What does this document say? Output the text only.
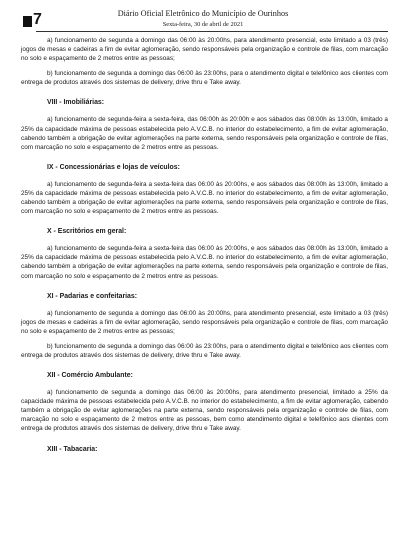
7	Diário Oficial Eletrônico do Município de Ourinhos
Sexta-feira, 30 de abril de 2021

a) funcionamento de segunda a domingo das 06:00 às 20:00hs, para atendimento presencial, este limitado a 03 (três) jogos de mesas e cadeiras a fim de evitar aglomeração, sendo responsáveis pela organização e controle de filas, com marcação no solo e espaçamento de 2 metros entre as pessoas;

b) funcionamento de segunda a domingo das 06:00 às 23:00hs, para o atendimento digital e telefônico aos clientes com entrega de produtos através dos sistemas de delivery, drive thru e Take away.

VIII - Imobiliárias:

a) funcionamento de segunda-feira a sexta-feira, das 06:00h às 20:00h e aos sábados das 08:00h às 13:00h, limitado a 25% da capacidade máxima de pessoas estabelecida pelo A.V.C.B. no interior do estabelecimento, a fim de evitar aglomeração, cabendo também a obrigação de evitar aglomerações na parte externa, sendo responsáveis pela organização e controle de filas, com marcação no solo e espaçamento de 2 metros entre as pessoas.

IX - Concessionárias e lojas de veículos:

a) funcionamento de segunda-feira a sexta-feira das 06:00 às 20:00hs, e aos sábados das 08:00h às 13:00h, limitado a 25% da capacidade máxima de pessoas estabelecida pelo A.V.C.B. no interior do estabelecimento, a fim de evitar aglomeração, cabendo também a obrigação de evitar aglomerações na parte externa, sendo responsáveis pela organização e controle de filas, com marcação no solo e espaçamento de 2 metros entre as pessoas.

X - Escritórios em geral:

a) funcionamento de segunda-feira a sexta-feira das 06:00 às 20:00hs, e aos sábados das 08:00h às 13:00h, limitado a 25% da capacidade máxima de pessoas estabelecida pelo A.V.C.B. no interior do estabelecimento, a fim de evitar aglomeração, cabendo também a obrigação de evitar aglomerações na parte externa, sendo responsáveis pela organização e controle de filas, com marcação no solo e espaçamento de 2 metros entre as pessoas.

XI - Padarias e confeitarias:

a) funcionamento de segunda a domingo das 06:00 às 20:00hs, para atendimento presencial, este limitado a 03 (três) jogos de mesas e cadeiras a fim de evitar aglomeração, sendo responsáveis pela organização e controle de filas, com marcação no solo e espaçamento de 2 metros entre as pessoas;

b) funcionamento de segunda a domingo das 06:00 às 23:00hs, para o atendimento digital e telefônico aos clientes com entrega de produtos através dos sistemas de delivery, drive thru e Take away.

XII - Comércio Ambulante:

a) funcionamento de segunda a domingo das 06:00 às 20:00hs, para atendimento presencial, limitado a 25% da capacidade máxima de pessoas estabelecida pelo A.V.C.B. no interior do estabelecimento, a fim de evitar aglomeração, cabendo também a obrigação de evitar aglomerações na parte externa, sendo responsáveis pela organização e controle de filas, com marcação no solo e espaçamento de 2 metros entre as pessoas, bem como atendimento digital e telefônico aos clientes com entrega de produtos através dos sistemas de delivery, drive thru e Take away.

XIII - Tabacaria:
